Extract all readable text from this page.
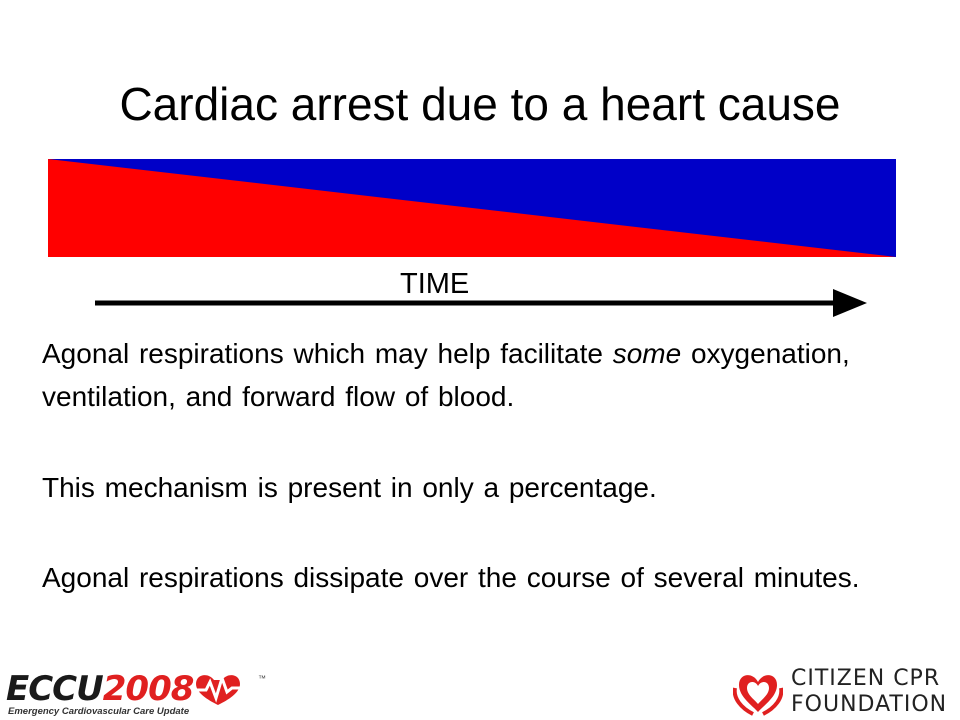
Cardiac arrest due to a heart cause
TIME
Agonal respirations which may help facilitate some oxygenation, ventilation, and forward flow of blood.
This mechanism is present in only a percentage.
Agonal respirations dissipate over the course of several minutes.
ECCU2008	™
Emergency Cardiovascular Care Update
CITIZEN CPR
FOUNDATION
